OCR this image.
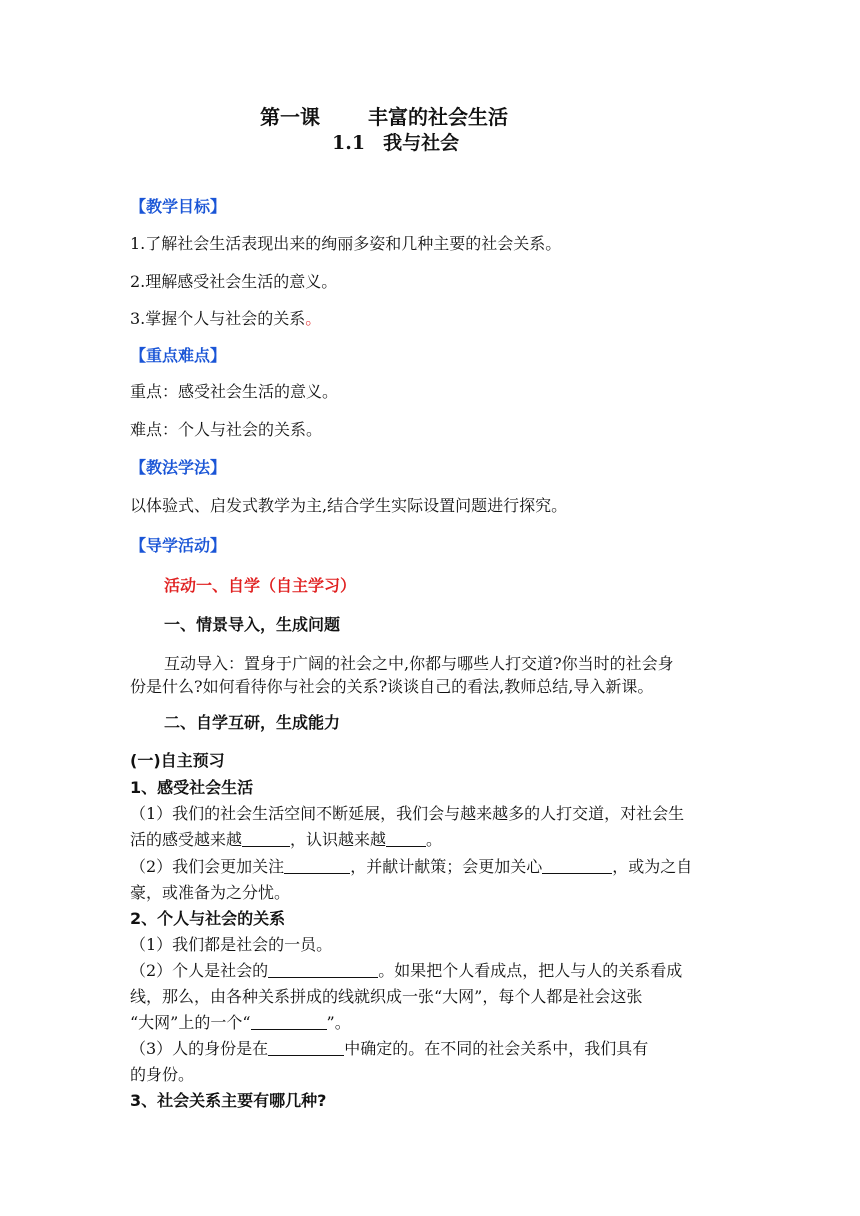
第一课 丰富的社会生活
1.1 我与社会
【教学目标】
1.了解社会生活表现出来的绚丽多姿和几种主要的社会关系。
2.理解感受社会生活的意义。
3.掌握个人与社会的关系。
【重点难点】
重点：感受社会生活的意义。
难点：个人与社会的关系。
【教法学法】
以体验式、启发式教学为主,结合学生实际设置问题进行探究。
【导学活动】
活动一、自学（自主学习）
一、情景导入，生成问题
互动导入：置身于广阔的社会之中,你都与哪些人打交道?你当时的社会身
份是什么?如何看待你与社会的关系?谈谈自己的看法,教师总结,导入新课。
二、自学互研，生成能力
(一)自主预习
1、感受社会生活
（1）我们的社会生活空间不断延展，我们会与越来越多的人打交道，对社会生
活的感受越来越	，认识越来越	。
（2）我们会更加关注	，并献计献策；会更加关心	，或为之自
豪，或准备为之分忧。
2、个人与社会的关系
（1）我们都是社会的一员。
（2）个人是社会的	。如果把个人看成点，把人与人的关系看成
线，那么，由各种关系拼成的线就织成一张“大网”，每个人都是社会这张
“大网”上的一个“	”。
（3）人的身份是在	中确定的。在不同的社会关系中，我们具有
的身份。
3、社会关系主要有哪几种?
